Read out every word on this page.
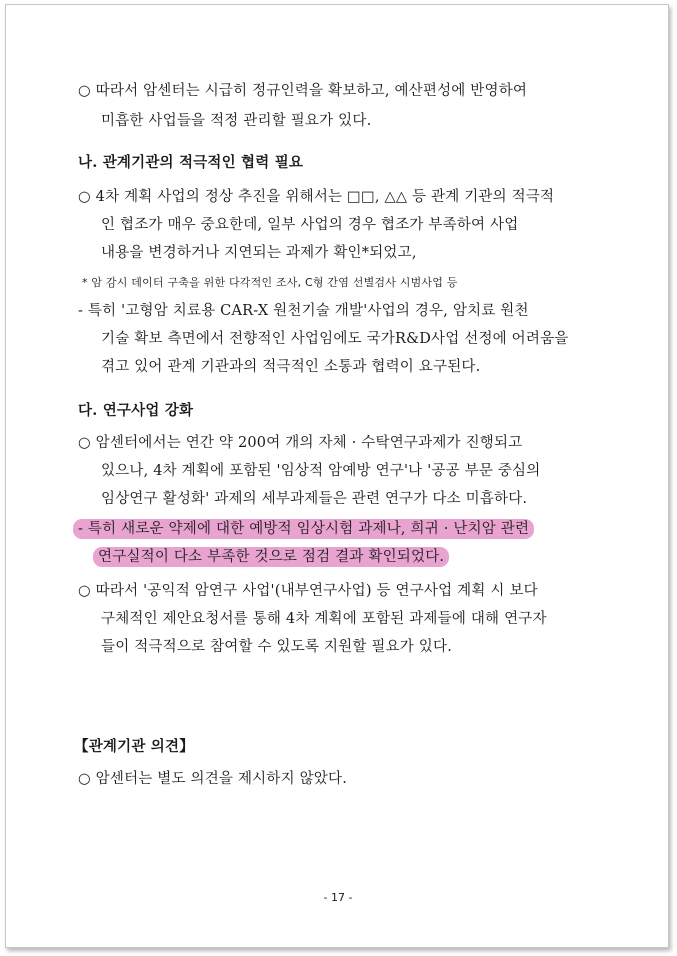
○ 따라서 암센터는 시급히 정규인력을 확보하고, 예산편성에 반영하여
미흡한 사업들을 적정 관리할 필요가 있다.
나. 관계기관의 적극적인 협력 필요
○ 4차 계획 사업의 정상 추진을 위해서는 □□, △△ 등 관계 기관의 적극적
인 협조가 매우 중요한데, 일부 사업의 경우 협조가 부족하여 사업
내용을 변경하거나 지연되는 과제가 확인*되었고,
* 암 감시 데이터 구축을 위한 다각적인 조사, C형 간염 선별검사 시범사업 등
- 특히 '고형암 치료용 CAR-X 원천기술 개발'사업의 경우, 암치료 원천
기술 확보 측면에서 전향적인 사업임에도 국가R&D사업 선정에 어려움을
겪고 있어 관계 기관과의 적극적인 소통과 협력이 요구된다.
다. 연구사업 강화
○ 암센터에서는 연간 약 200여 개의 자체 · 수탁연구과제가 진행되고
있으나, 4차 계획에 포함된 '임상적 암예방 연구'나 '공공 부문 중심의
임상연구 활성화' 과제의 세부과제들은 관련 연구가 다소 미흡하다.
- 특히 새로운 약제에 대한 예방적 임상시험 과제나, 희귀 · 난치암 관련
연구실적이 다소 부족한 것으로 점검 결과 확인되었다.
○ 따라서 '공익적 암연구 사업'(내부연구사업) 등 연구사업 계획 시 보다
구체적인 제안요청서를 통해 4차 계획에 포함된 과제들에 대해 연구자
들이 적극적으로 참여할 수 있도록 지원할 필요가 있다.
【관계기관 의견】
○ 암센터는 별도 의견을 제시하지 않았다.
- 17 -
